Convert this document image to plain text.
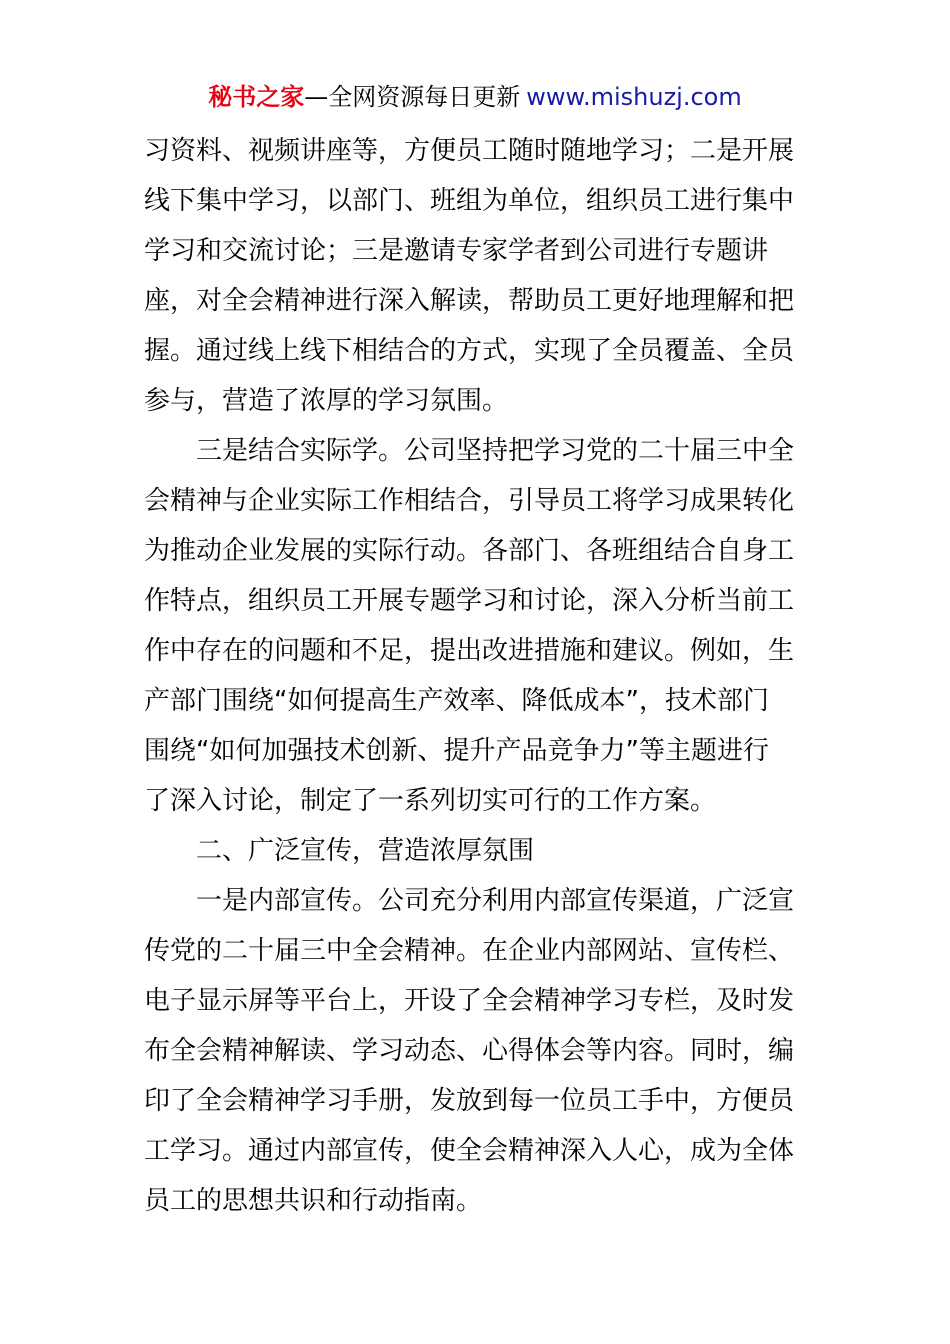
秘书之家—全网资源每日更新 www.mishuzj.com
习资料、视频讲座等，方便员工随时随地学习；二是开展
线下集中学习，以部门、班组为单位，组织员工进行集中
学习和交流讨论；三是邀请专家学者到公司进行专题讲
座，对全会精神进行深入解读，帮助员工更好地理解和把
握。通过线上线下相结合的方式，实现了全员覆盖、全员
参与，营造了浓厚的学习氛围。
三是结合实际学。公司坚持把学习党的二十届三中全
会精神与企业实际工作相结合，引导员工将学习成果转化
为推动企业发展的实际行动。各部门、各班组结合自身工
作特点，组织员工开展专题学习和讨论，深入分析当前工
作中存在的问题和不足，提出改进措施和建议。例如，生
产部门围绕“如何提高生产效率、降低成本”，技术部门
围绕“如何加强技术创新、提升产品竞争力”等主题进行
了深入讨论，制定了一系列切实可行的工作方案。
二、广泛宣传，营造浓厚氛围
一是内部宣传。公司充分利用内部宣传渠道，广泛宣
传党的二十届三中全会精神。在企业内部网站、宣传栏、
电子显示屏等平台上，开设了全会精神学习专栏，及时发
布全会精神解读、学习动态、心得体会等内容。同时，编
印了全会精神学习手册，发放到每一位员工手中，方便员
工学习。通过内部宣传，使全会精神深入人心，成为全体
员工的思想共识和行动指南。
